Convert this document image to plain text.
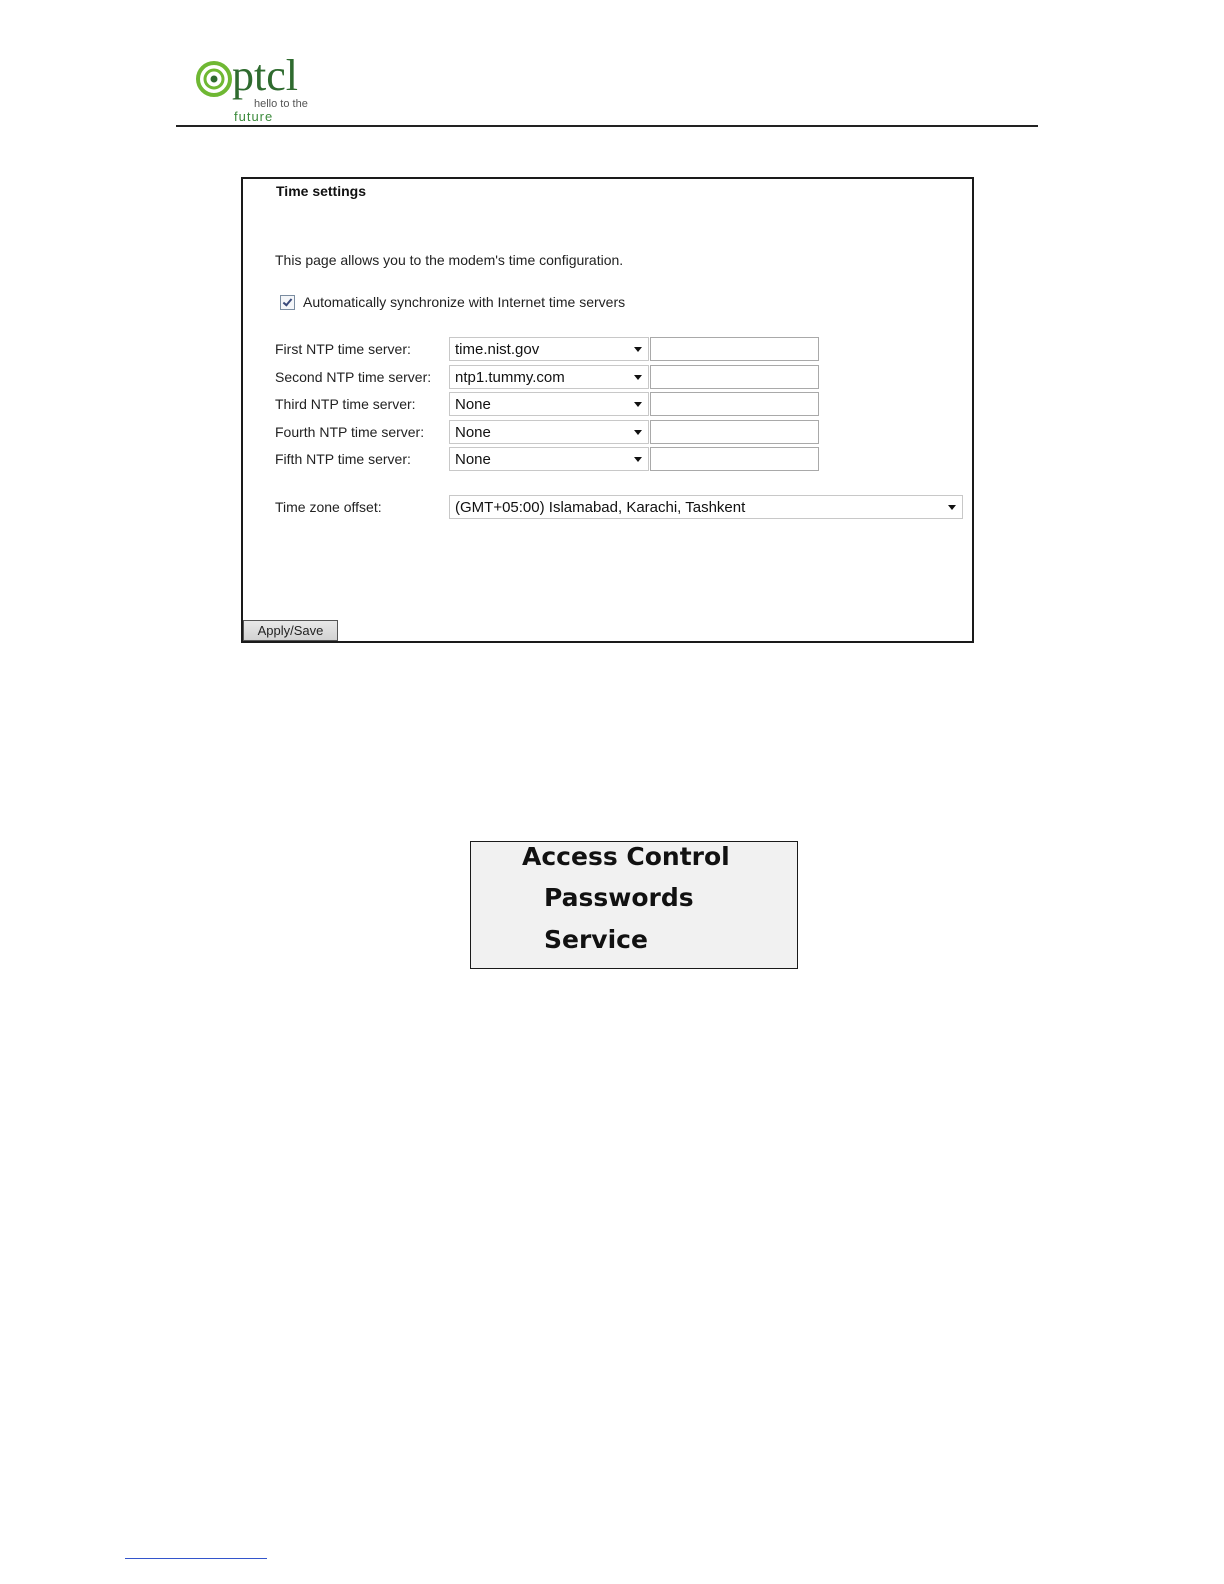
ptcl
hello to the
future
Time settings
This page allows you to the modem's time configuration.
Automatically synchronize with Internet time servers
First NTP time server:	time.nist.gov
Second NTP time server: ntp1.tummy.com
Third NTP time server:	None
Fourth NTP time server: None
Fifth NTP time server:	None
Time zone offset:	(GMT+05:00) Islamabad, Karachi, Tashkent
Apply/Save
Access Control
Passwords
Service
